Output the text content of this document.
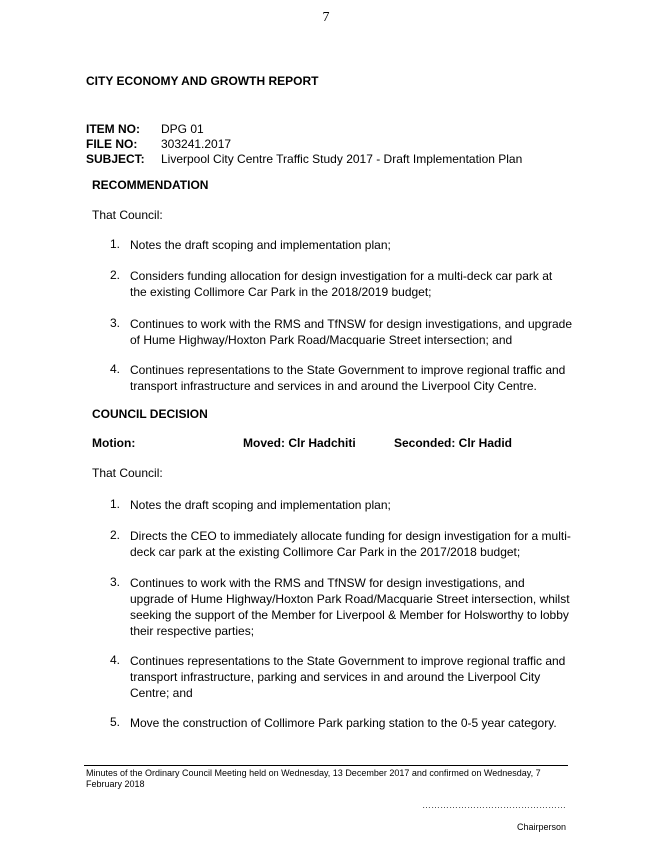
7
CITY ECONOMY AND GROWTH REPORT
ITEM NO: DPG 01
FILE NO: 303241.2017
SUBJECT: Liverpool City Centre Traffic Study 2017 - Draft Implementation Plan
RECOMMENDATION
That Council:
1. Notes the draft scoping and implementation plan;
2. Considers funding allocation for design investigation for a multi-deck car park at
the existing Collimore Car Park in the 2018/2019 budget;
3. Continues to work with the RMS and TfNSW for design investigations, and upgrade
of Hume Highway/Hoxton Park Road/Macquarie Street intersection; and
4. Continues representations to the State Government to improve regional traffic and
transport infrastructure and services in and around the Liverpool City Centre.
COUNCIL DECISION
Motion:	Moved: Clr Hadchiti	Seconded: Clr Hadid
That Council:
1. Notes the draft scoping and implementation plan;
2. Directs the CEO to immediately allocate funding for design investigation for a multi-
deck car park at the existing Collimore Car Park in the 2017/2018 budget;
3. Continues to work with the RMS and TfNSW for design investigations, and
upgrade of Hume Highway/Hoxton Park Road/Macquarie Street intersection, whilst
seeking the support of the Member for Liverpool & Member for Holsworthy to lobby
their respective parties;
4. Continues representations to the State Government to improve regional traffic and
transport infrastructure, parking and services in and around the Liverpool City
Centre; and
5. Move the construction of Collimore Park parking station to the 0-5 year category.
Minutes of the Ordinary Council Meeting held on Wednesday, 13 December 2017 and confirmed on Wednesday, 7 February 2018
…………………………………………
Chairperson
